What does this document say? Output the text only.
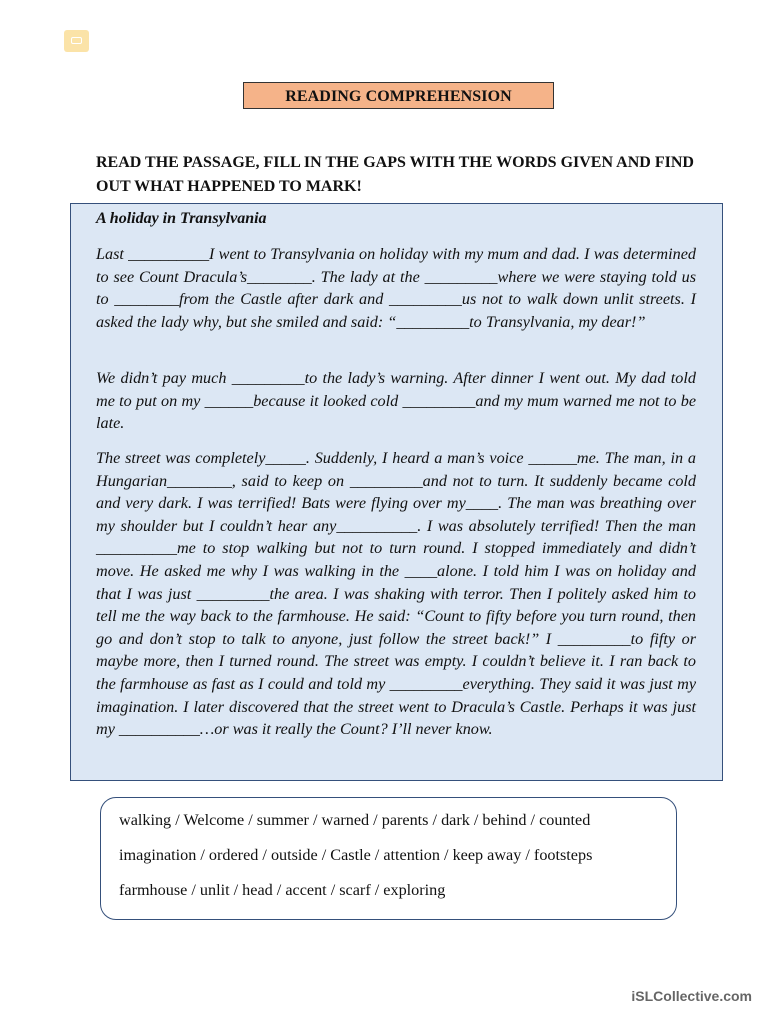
READING COMPREHENSION
READ THE PASSAGE, FILL IN THE GAPS WITH THE WORDS GIVEN AND FIND OUT WHAT HAPPENED TO MARK!
A holiday in Transylvania

Last __________I went to Transylvania on holiday with my mum and dad. I was determined to see Count Dracula’s________. The lady at the _________where we were staying told us to ________from the Castle after dark and _________us not to walk down unlit streets. I asked the lady why, but she smiled and said: “_________to Transylvania, my dear!”

We didn’t pay much _________to the lady’s warning. After dinner I went out. My dad told me to put on my ______because it looked cold _________and my mum warned me not to be late.

The street was completely_____. Suddenly, I heard a man’s voice ______me. The man, in a Hungarian________, said to keep on _________and not to turn. It suddenly became cold and very dark. I was terrified! Bats were flying over my____. The man was breathing over my shoulder but I couldn’t hear any__________. I was absolutely terrified! Then the man __________me to stop walking but not to turn round. I stopped immediately and didn’t move. He asked me why I was walking in the ____alone. I told him I was on holiday and that I was just _________the area. I was shaking with terror. Then I politely asked him to tell me the way back to the farmhouse. He said: “Count to fifty before you turn round, then go and don’t stop to talk to anyone, just follow the street back!” I _________to fifty or maybe more, then I turned round. The street was empty. I couldn’t believe it. I ran back to the farmhouse as fast as I could and told my _________everything. They said it was just my imagination. I later discovered that the street went to Dracula’s Castle. Perhaps it was just my __________…or was it really the Count? I’ll never know.

walking / Welcome / summer / warned / parents / dark / behind / counted
imagination / ordered / outside / Castle / attention / keep away / footsteps
farmhouse / unlit / head / accent / scarf / exploring
iSLCollective.com
